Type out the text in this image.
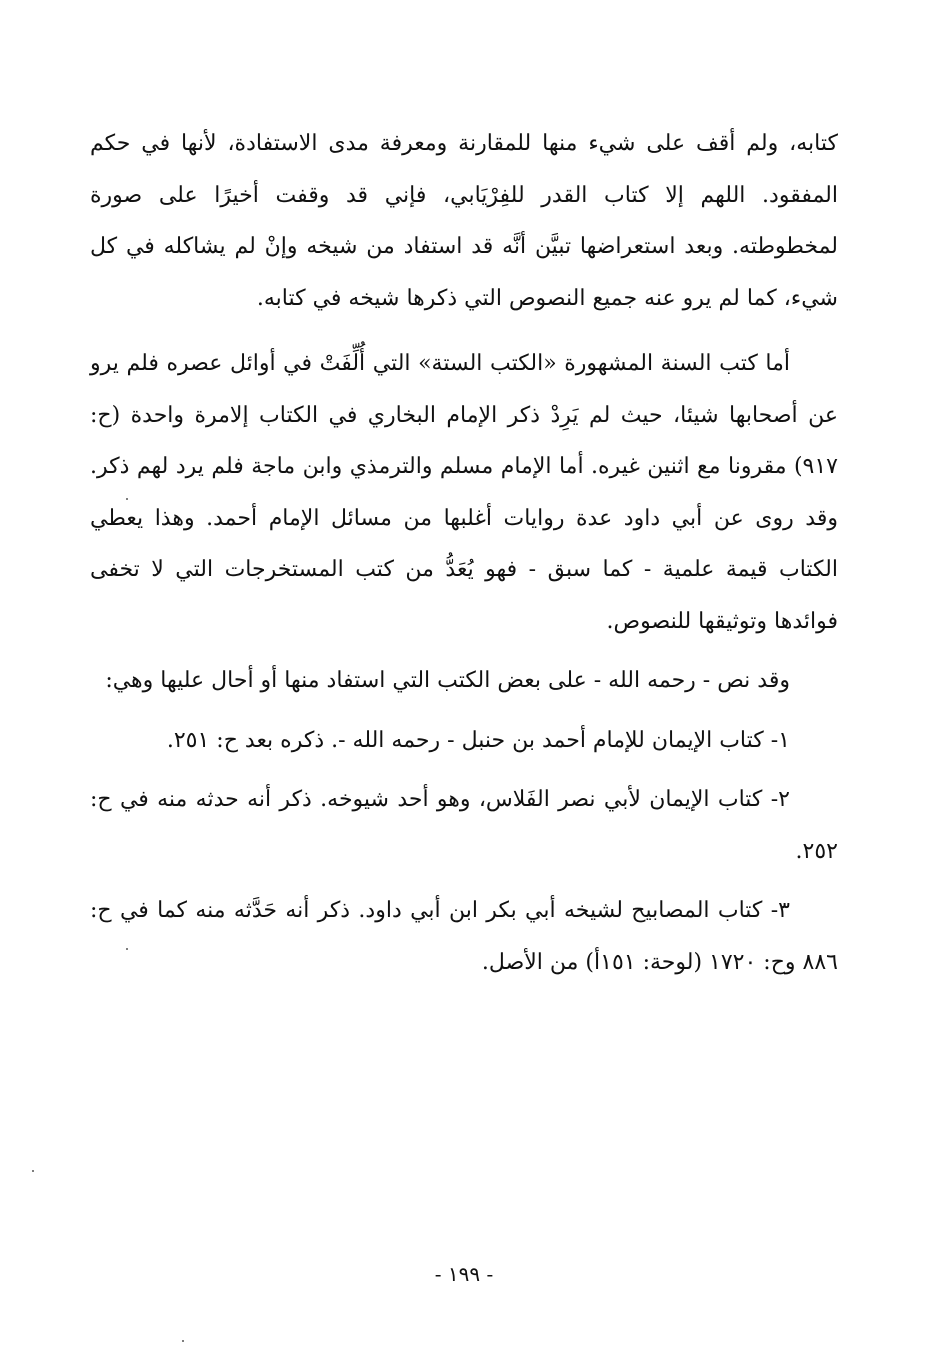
كتابه، ولم أقف على شيء منها للمقارنة ومعرفة مدى الاستفادة، لأنها في حكم المفقود. اللهم إلا كتاب القدر للفِرْيَابي، فإني قد وقفت أخيرًا على صورة لمخطوطته. وبعد استعراضها تبيَّن أنَّه قد استفاد من شيخه وإنْ لم يشاكله في كل شيء، كما لم يرو عنه جميع النصوص التي ذكرها شيخه في كتابه.

أما كتب السنة المشهورة «الكتب الستة» التي أُلِّفَتْ في أوائل عصره فلم يرو عن أصحابها شيئا، حيث لم يَرِدْ ذكر الإمام البخاري في الكتاب إلامرة واحدة (ح: ٩١٧) مقرونا مع اثنين غيره. أما الإمام مسلم والترمذي وابن ماجة فلم يرد لهم ذكر. وقد روى عن أبي داود عدة روايات أغلبها من مسائل الإمام أحمد. وهذا يعطي الكتاب قيمة علمية - كما سبق - فهو يُعَدُّ من كتب المستخرجات التي لا تخفى فوائدها وتوثيقها للنصوص.

وقد نص - رحمه الله - على بعض الكتب التي استفاد منها أو أحال عليها وهي:

١- كتاب الإيمان للإمام أحمد بن حنبل - رحمه الله -. ذكره بعد ح: ٢٥١.

٢- كتاب الإيمان لأبي نصر الفَلاس، وهو أحد شيوخه. ذكر أنه حدثه منه في ح: ٢٥٢.

٣- كتاب المصابيح لشيخه أبي بكر ابن أبي داود. ذكر أنه حَدَّثه منه كما في ح: ٨٨٦ وح: ١٧٢٠ (لوحة: ١٥١أ) من الأصل.

- ١٩٩ -
